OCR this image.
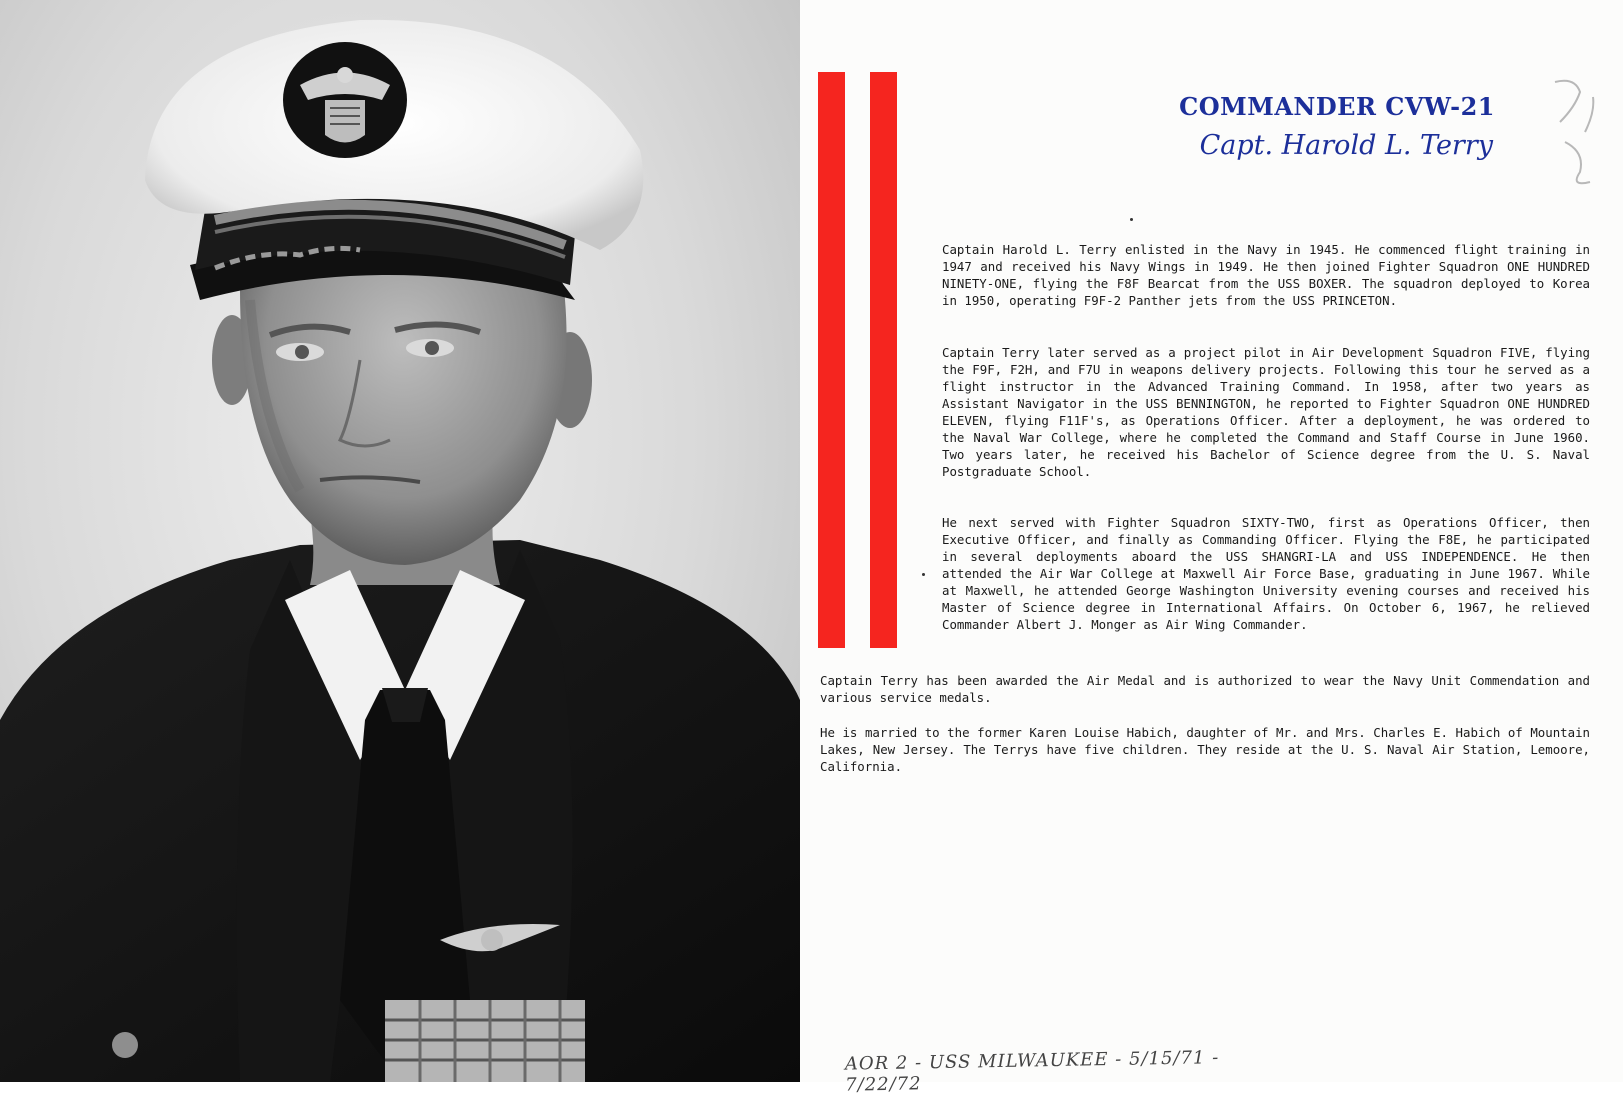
COMMANDER CVW-21
Capt. Harold L. Terry

Captain Harold L. Terry enlisted in the Navy in 1945. He commenced flight training in 1947 and received his Navy Wings in 1949. He then joined Fighter Squadron ONE HUNDRED NINETY-ONE, flying the F8F Bearcat from the USS BOXER. The squadron deployed to Korea in 1950, operating F9F-2 Panther jets from the USS PRINCETON.

Captain Terry later served as a project pilot in Air Development Squadron FIVE, flying the F9F, F2H, and F7U in weapons delivery projects. Following this tour he served as a flight instructor in the Advanced Training Command. In 1958, after two years as Assistant Navigator in the USS BENNINGTON, he reported to Fighter Squadron ONE HUNDRED ELEVEN, flying F11F's, as Operations Officer. After a deployment, he was ordered to the Naval War College, where he completed the Command and Staff Course in June 1960. Two years later, he received his Bachelor of Science degree from the U. S. Naval Postgraduate School.

He next served with Fighter Squadron SIXTY-TWO, first as Operations Officer, then Executive Officer, and finally as Commanding Officer. Flying the F8E, he participated in several deployments aboard the USS SHANGRI-LA and USS INDEPENDENCE. He then attended the Air War College at Maxwell Air Force Base, graduating in June 1967. While at Maxwell, he attended George Washington University evening courses and received his Master of Science degree in International Affairs. On October 6, 1967, he relieved Commander Albert J. Monger as Air Wing Commander.

Captain Terry has been awarded the Air Medal and is authorized to wear the Navy Unit Commendation and various service medals.

He is married to the former Karen Louise Habich, daughter of Mr. and Mrs. Charles E. Habich of Mountain Lakes, New Jersey. The Terrys have five children. They reside at the U. S. Naval Air Station, Lemoore, California.

AOR 2 - USS MILWAUKEE - 5/15/71 - 7/22/72
